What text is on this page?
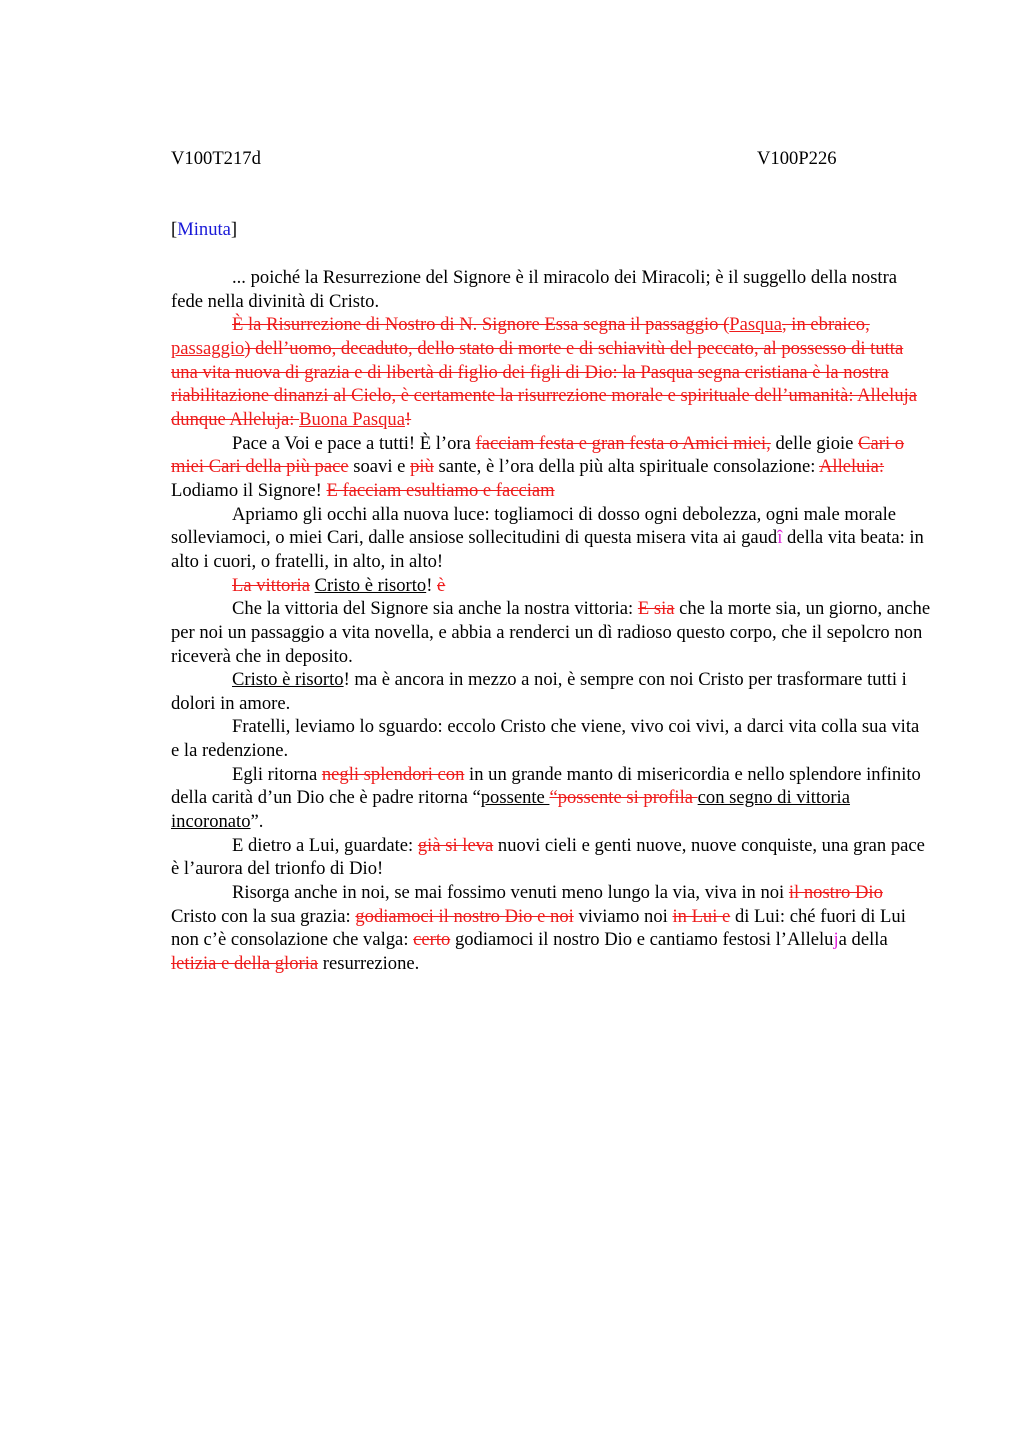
V100T217d	V100P226
[Minuta]

... poiché la Resurrezione del Signore è il miracolo dei Miracoli; è il suggello della nostra fede nella divinità di Cristo.

È la Risurrezione di Nostro di N. Signore Essa segna il passaggio (Pasqua, in ebraico, passaggio) dell’uomo, decaduto, dello stato di morte e di schiavitù del peccato, al possesso di tutta una vita nuova di grazia e di libertà di figlio dei figli di Dio: la Pasqua segna cristiana è la nostra riabilitazione dinanzi al Cielo, è certamente la risurrezione morale e spirituale dell’umanità: Alleluja dunque Alleluja: Buona Pasqua!

Pace a Voi e pace a tutti! È l’ora facciam festa e gran festa o Amici miei, delle gioie Cari o miei Cari della più pace soavi e più sante, è l’ora della più alta spirituale consolazione: Alleluia: Lodiamo il Signore! E facciam esultiamo e facciam

Apriamo gli occhi alla nuova luce: togliamoci di dosso ogni debolezza, ogni male morale solleviamoci, o miei Cari, dalle ansiose sollecitudini di questa misera vita ai gaudî della vita beata: in alto i cuori, o fratelli, in alto, in alto!

La vittoria Cristo è risorto! è

Che la vittoria del Signore sia anche la nostra vittoria: E sia che la morte sia, un giorno, anche per noi un passaggio a vita novella, e abbia a renderci un dì radioso questo corpo, che il sepolcro non riceverà che in deposito.

Cristo è risorto! ma è ancora in mezzo a noi, è sempre con noi Cristo per trasformare tutti i dolori in amore.

Fratelli, leviamo lo sguardo: eccolo Cristo che viene, vivo coi vivi, a darci vita colla sua vita e la redenzione.

Egli ritorna negli splendori con in un grande manto di misericordia e nello splendore infinito della carità d’un Dio che è padre ritorna “possente “possente si profila con segno di vittoria incoronato”.

E dietro a Lui, guardate: già si leva nuovi cieli e genti nuove, nuove conquiste, una gran pace è l’aurora del trionfo di Dio!

Risorga anche in noi, se mai fossimo venuti meno lungo la via, viva in noi il nostro Dio Cristo con la sua grazia: godiamoci il nostro Dio e noi viviamo noi in Lui e di Lui: ché fuori di Lui non c’è consolazione che valga: certo godiamoci il nostro Dio e cantiamo festosi l’Alleluja della letizia e della gloria resurrezione.
